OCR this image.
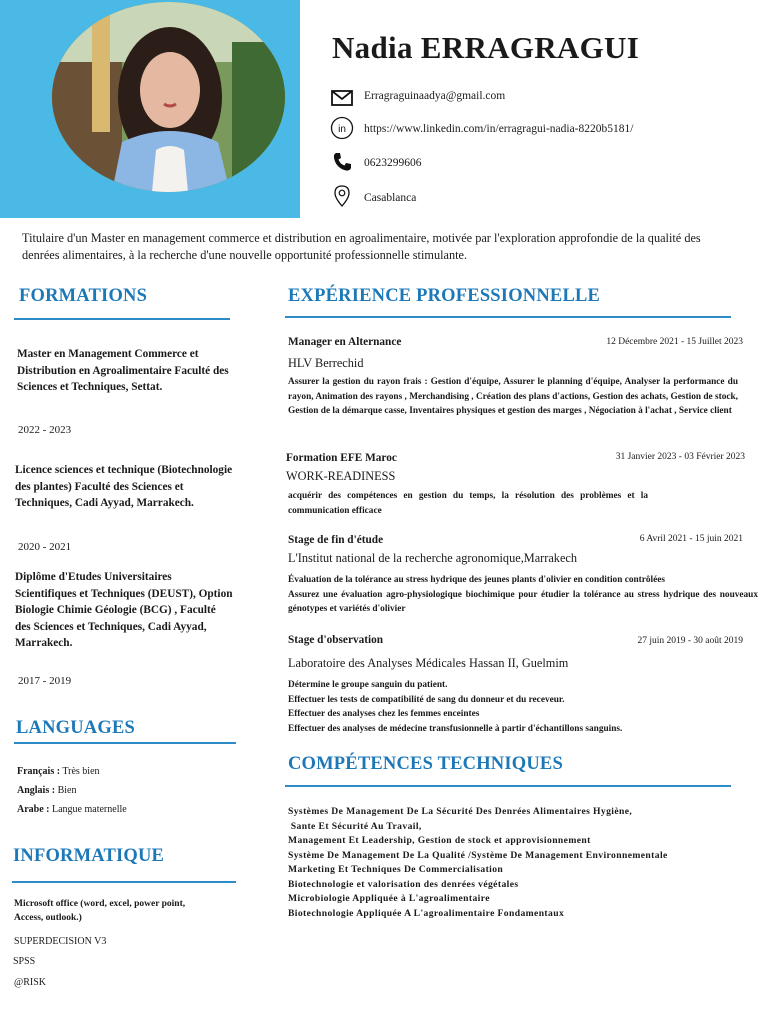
Nadia ERRAGRAGUI
Erragraguinaadya@gmail.com
in https://www.linkedin.com/in/erragragui-nadia-8220b5181/
0623299606
Casablanca
Titulaire d'un Master en management commerce et distribution en agroalimentaire, motivée par l'exploration approfondie de la qualité des denrées alimentaires, à la recherche d'une nouvelle opportunité professionnelle stimulante.
FORMATIONS
Master en Management Commerce et Distribution en Agroalimentaire Faculté des Sciences et Techniques, Settat.
2022 - 2023
Licence sciences et technique (Biotechnologie des plantes) Faculté des Sciences et Techniques, Cadi Ayyad, Marrakech.
2020 - 2021
Diplôme d'Etudes Universitaires Scientifiques et Techniques (DEUST), Option Biologie Chimie Géologie (BCG) , Faculté des Sciences et Techniques, Cadi Ayyad, Marrakech.
2017 - 2019
LANGUAGES
Français : Très bien
Anglais : Bien
Arabe : Langue maternelle
INFORMATIQUE
Microsoft office (word, excel, power point,
Access, outlook.)
SUPERDECISION V3
SPSS
@RISK
EXPÉRIENCE PROFESSIONNELLE
Manager en Alternance	12 Décembre 2021 - 15 Juillet 2023
HLV Berrechid
Assurer la gestion du rayon frais : Gestion d'équipe, Assurer le planning d'équipe, Analyser la performance du rayon, Animation des rayons , Merchandising , Création des plans d'actions, Gestion des achats, Gestion de stock, Gestion de la démarque casse, Inventaires physiques et gestion des marges , Négociation à l'achat , Service client
Formation EFE Maroc	31 Janvier 2023 - 03 Février 2023
WORK-READINESS
acquérir des compétences en gestion du temps, la résolution des problèmes et la communication efficace
Stage de fin d'étude	6 Avril 2021 - 15 juin 2021
L'Institut national de la recherche agronomique,Marrakech
Évaluation de la tolérance au stress hydrique des jeunes plants d'olivier en condition contrôlées
Assurez une évaluation agro-physiologique biochimique pour étudier la tolérance au stress hydrique des nouveaux génotypes et variétés d'olivier
Stage d'observation	27 juin 2019 - 30 août 2019
Laboratoire des Analyses Médicales Hassan II, Guelmim
Détermine le groupe sanguin du patient.
Effectuer les tests de compatibilité de sang du donneur et du receveur.
Effectuer des analyses chez les femmes enceintes
Effectuer des analyses de médecine transfusionnelle à partir d'échantillons sanguins.
COMPÉTENCES TECHNIQUES
Systèmes De Management De La Sécurité Des Denrées Alimentaires Hygiène,
Sante Et Sécurité Au Travail,
Management Et Leadership, Gestion de stock et approvisionnement
Système De Management De La Qualité /Système De Management Environnementale
Marketing Et Techniques De Commercialisation
Biotechnologie et valorisation des denrées végétales
Microbiologie Appliquée à L'agroalimentaire
Biotechnologie Appliquée A L'agroalimentaire Fondamentaux
